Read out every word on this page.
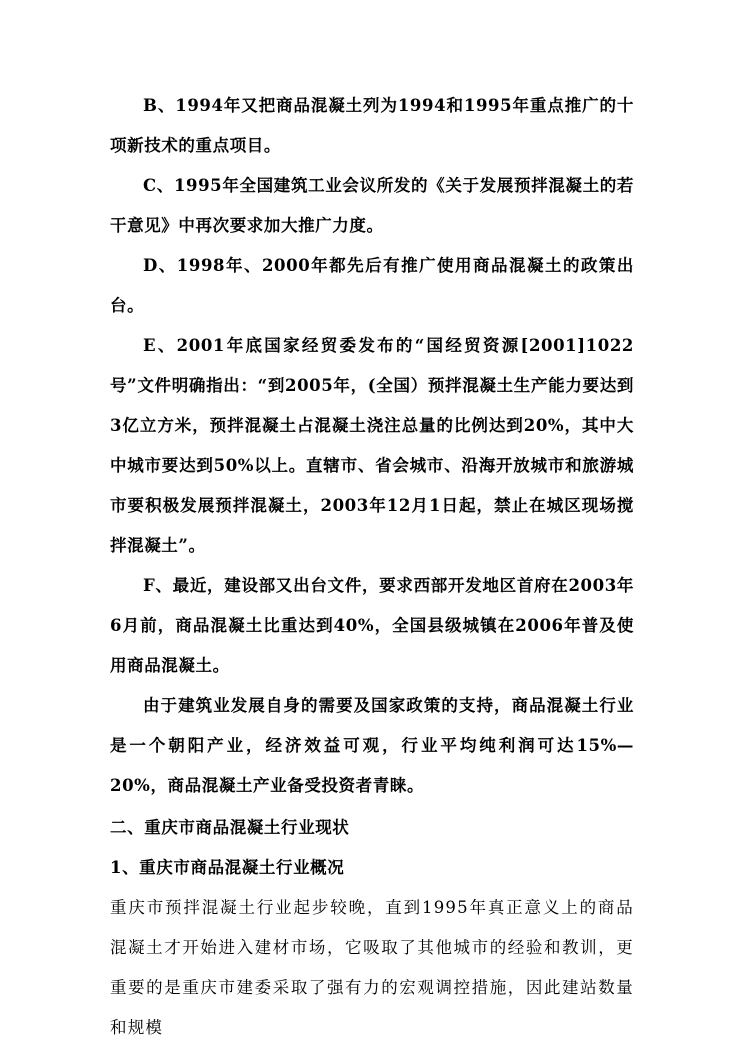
B、1994年又把商品混凝土列为1994和1995年重点推广的十项新技术的重点项目。

C、1995年全国建筑工业会议所发的《关于发展预拌混凝土的若干意见》中再次要求加大推广力度。

D、1998年、2000年都先后有推广使用商品混凝土的政策出台。

E、2001年底国家经贸委发布的“国经贸资源[2001]1022号”文件明确指出：“到2005年，(全国）预拌混凝土生产能力要达到3亿立方米，预拌混凝土占混凝土浇注总量的比例达到20%，其中大中城市要达到50%以上。直辖市、省会城市、沿海开放城市和旅游城市要积极发展预拌混凝土，2003年12月1日起，禁止在城区现场搅拌混凝土”。

F、最近，建设部又出台文件，要求西部开发地区首府在2003年6月前，商品混凝土比重达到40%，全国县级城镇在2006年普及使用商品混凝土。

由于建筑业发展自身的需要及国家政策的支持，商品混凝土行业是一个朝阳产业，经济效益可观，行业平均纯利润可达15%—20%，商品混凝土产业备受投资者青睐。

二、重庆市商品混凝土行业现状
1、重庆市商品混凝土行业概况

重庆市预拌混凝土行业起步较晚，直到1995年真正意义上的商品混凝土才开始进入建材市场，它吸取了其他城市的经验和教训，更重要的是重庆市建委采取了强有力的宏观调控措施，因此建站数量和规模
